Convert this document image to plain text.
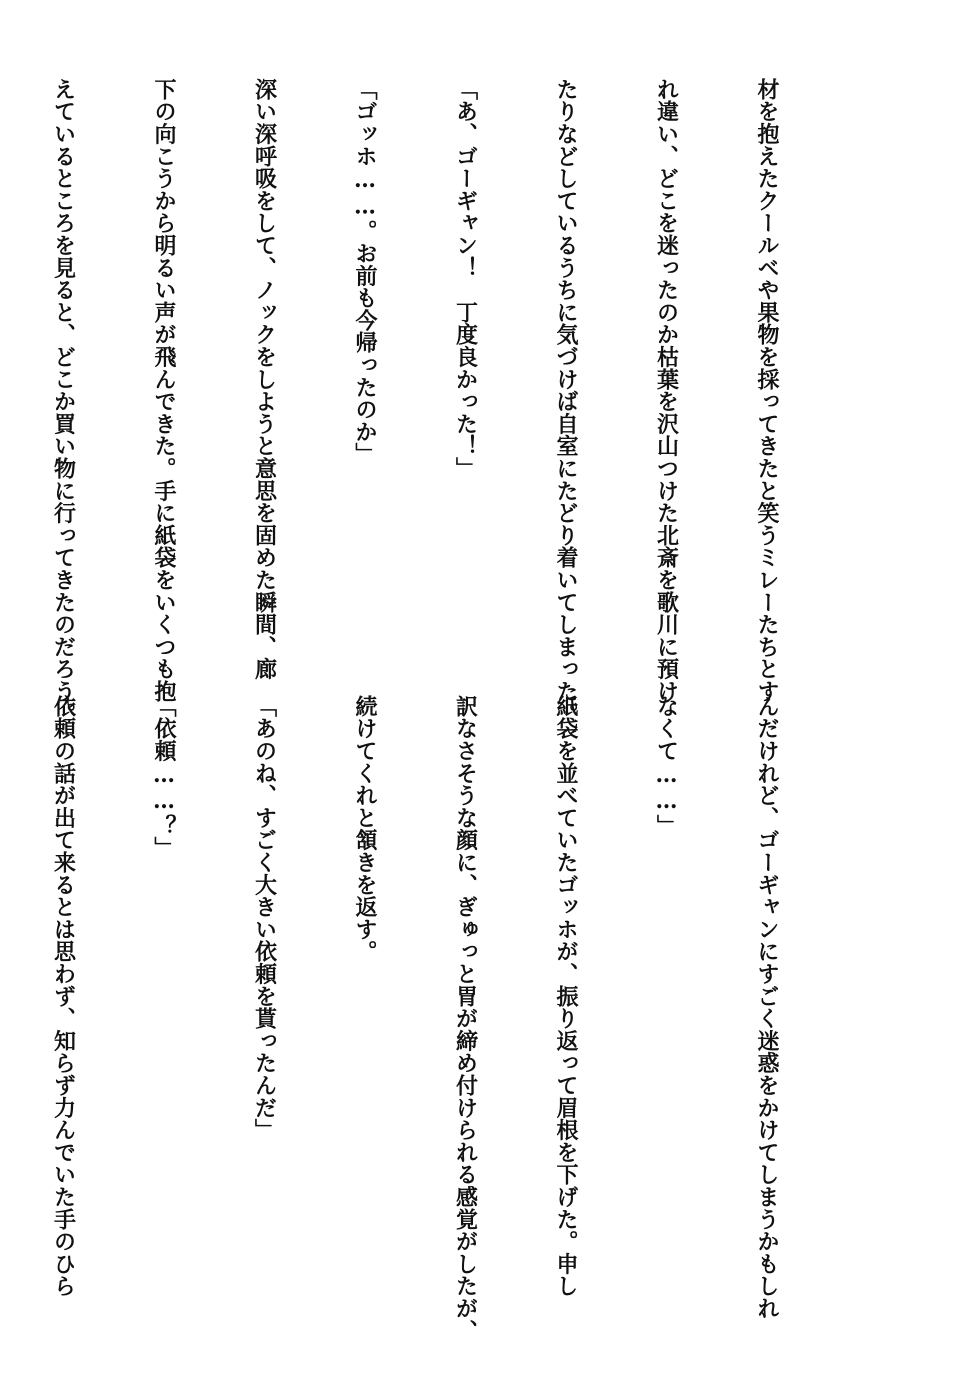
材を抱えたクールベや果物を採ってきたと笑うミレーたちとす

れ違い、どこを迷ったのか枯葉を沢山つけた北斎を歌川に預け

たりなどしているうちに気づけば自室にたどり着いてしまった。

「あ、ゴーギャン！　丁度良かった！」

「ゴッホ……。お前も今帰ったのか」

深い深呼吸をして、ノックをしようと意思を固めた瞬間、廊

下の向こうから明るい声が飛んできた。手に紙袋をいくつも抱

えているところを見ると、どこか買い物に行ってきたのだろう。

んだけれど、ゴーギャンにすごく迷惑をかけてしまうかもしれ

なくて……」

紙袋を並べていたゴッホが、振り返って眉根を下げた。申し

訳なさそうな顔に、ぎゅっと胃が締め付けられる感覚がしたが、

続けてくれと頷きを返す。

「あのね、すごく大きい依頼を貰ったんだ」

「依頼……？」

依頼の話が出て来るとは思わず、知らず力んでいた手のひら
